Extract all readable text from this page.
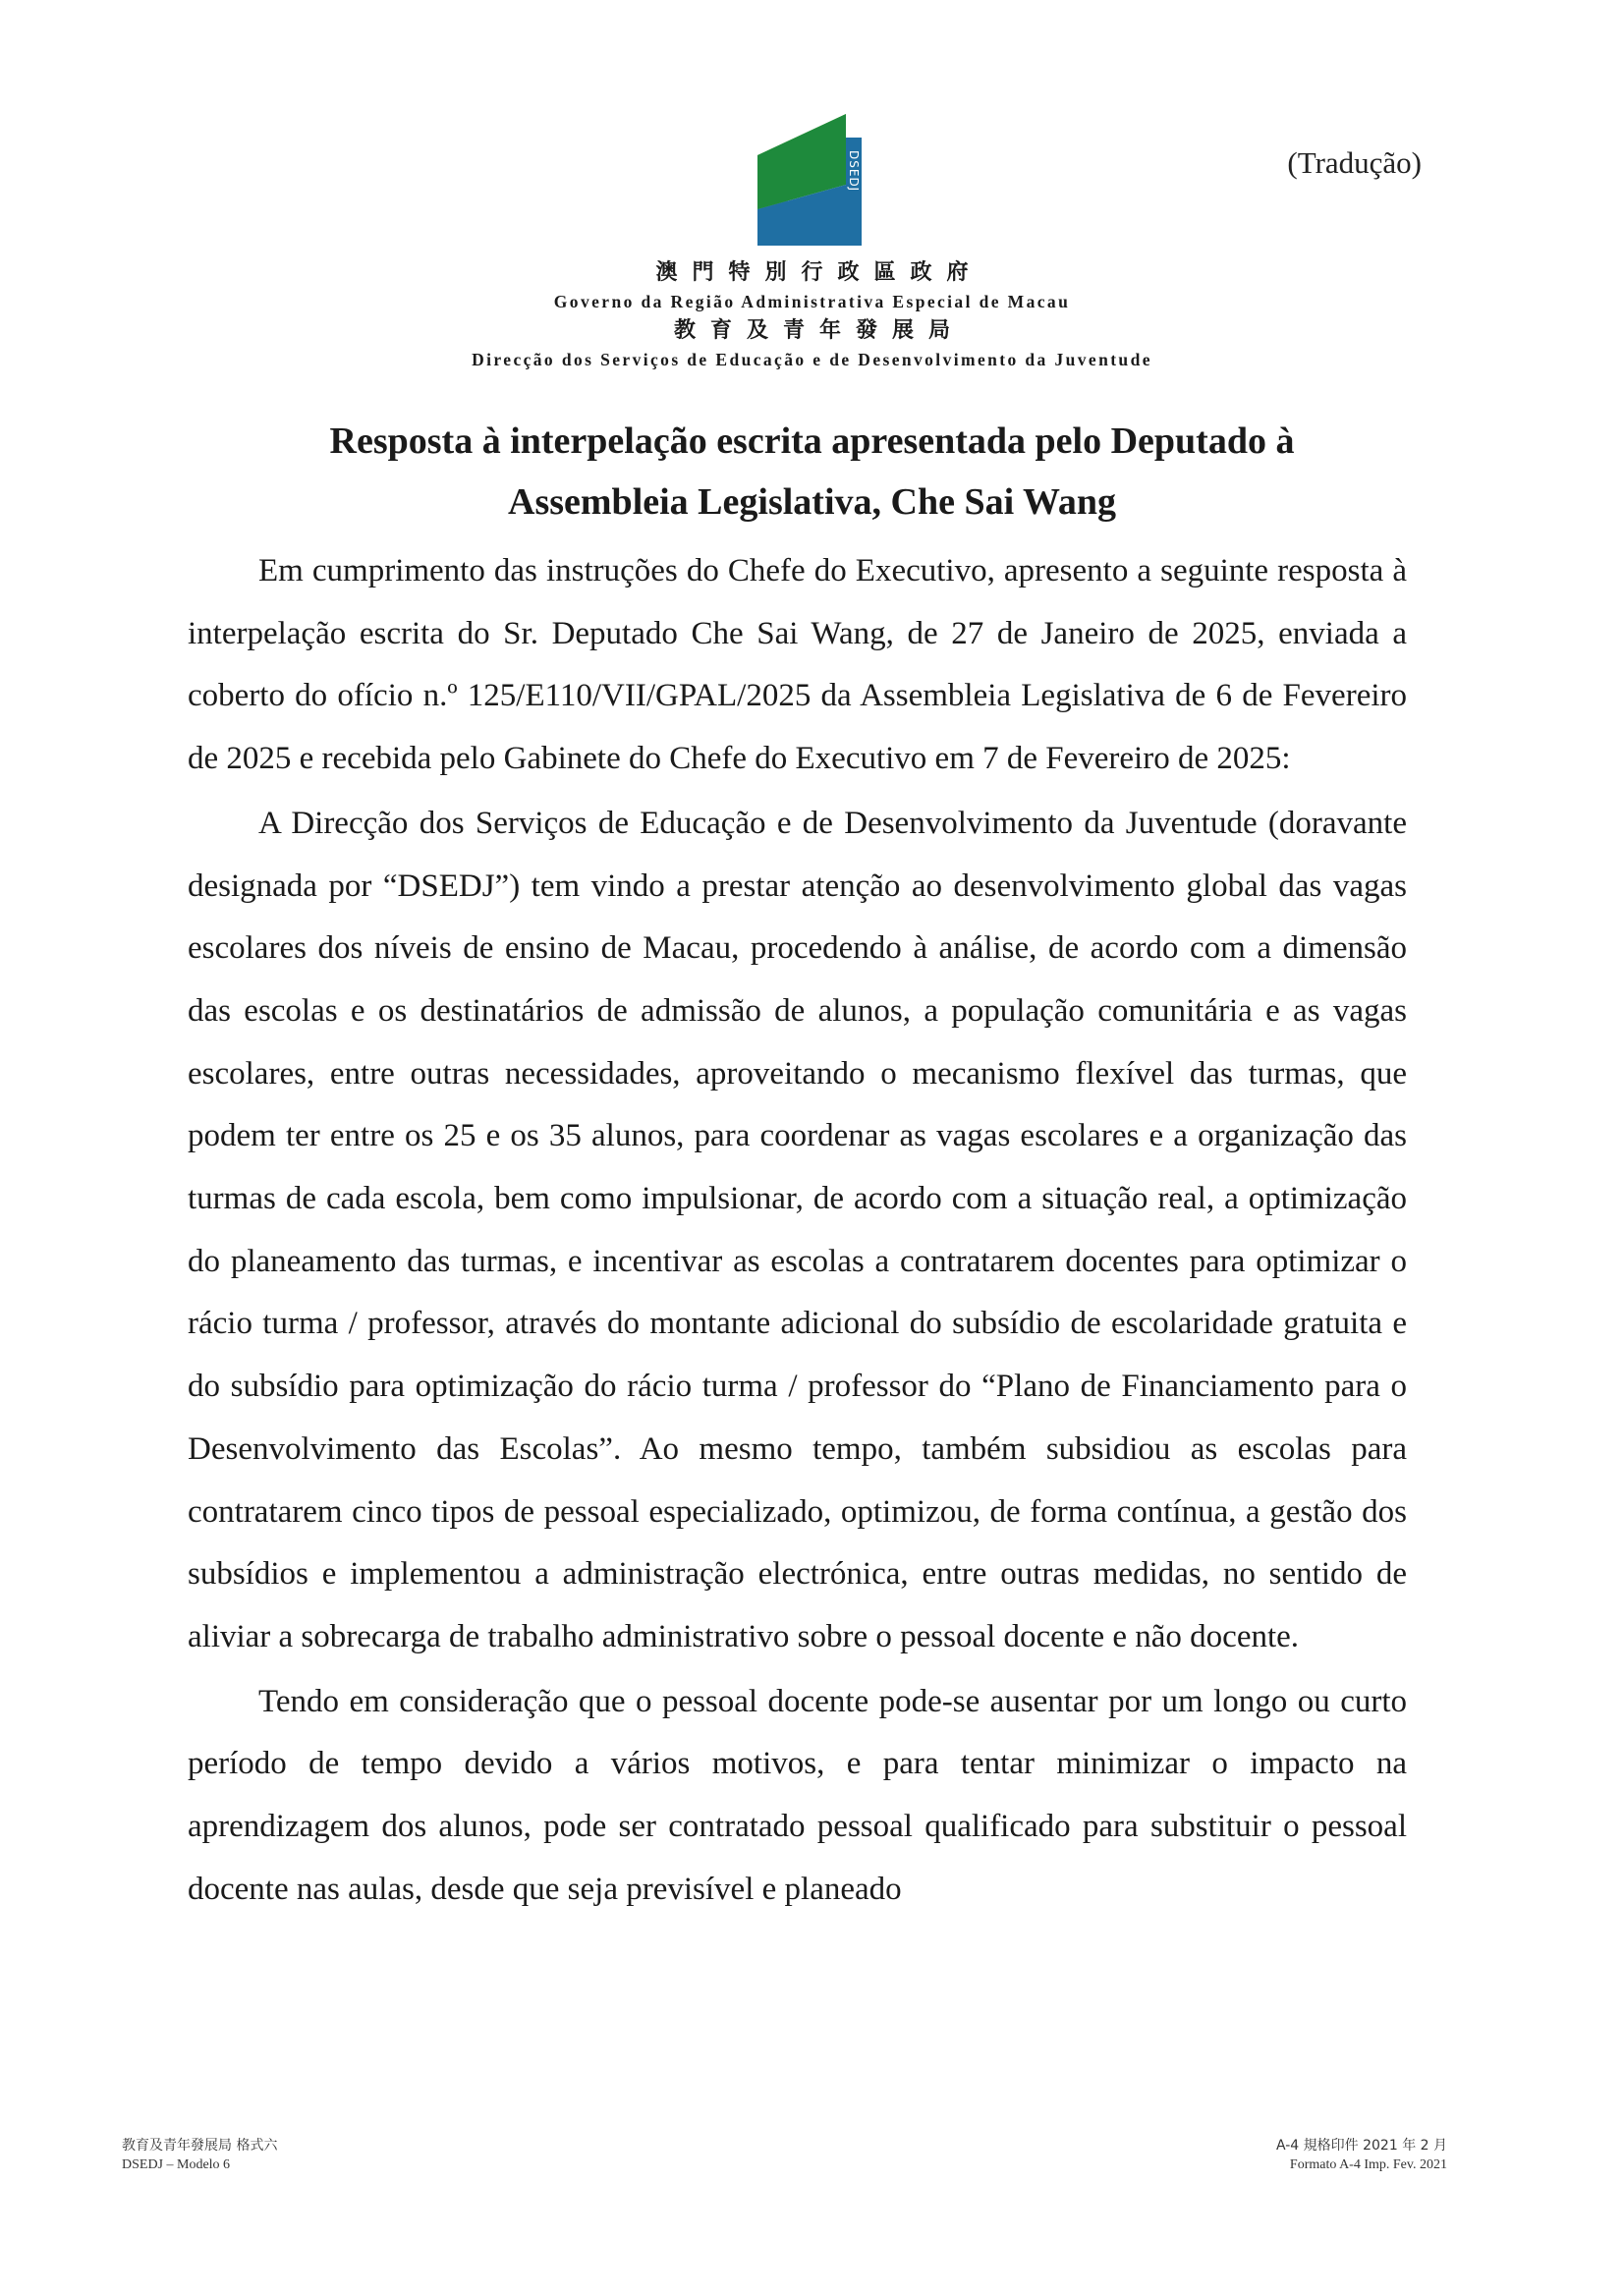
(Tradução)
DSEDJ
澳門特別行政區政府
Governo da Região Administrativa Especial de Macau
教育及青年發展局
Direcção dos Serviços de Educação e de Desenvolvimento da Juventude
Resposta à interpelação escrita apresentada pelo Deputado à
Assembleia Legislativa, Che Sai Wang

Em cumprimento das instruções do Chefe do Executivo, apresento a seguinte resposta à interpelação escrita do Sr. Deputado Che Sai Wang, de 27 de Janeiro de 2025, enviada a coberto do ofício n.º 125/E110/VII/GPAL/2025 da Assembleia Legislativa de 6 de Fevereiro de 2025 e recebida pelo Gabinete do Chefe do Executivo em 7 de Fevereiro de 2025:

A Direcção dos Serviços de Educação e de Desenvolvimento da Juventude (doravante designada por “DSEDJ”) tem vindo a prestar atenção ao desenvolvimento global das vagas escolares dos níveis de ensino de Macau, procedendo à análise, de acordo com a dimensão das escolas e os destinatários de admissão de alunos, a população comunitária e as vagas escolares, entre outras necessidades, aproveitando o mecanismo flexível das turmas, que podem ter entre os 25 e os 35 alunos, para coordenar as vagas escolares e a organização das turmas de cada escola, bem como impulsionar, de acordo com a situação real, a optimização do planeamento das turmas, e incentivar as escolas a contratarem docentes para optimizar o rácio turma / professor, através do montante adicional do subsídio de escolaridade gratuita e do subsídio para optimização do rácio turma / professor do “Plano de Financiamento para o Desenvolvimento das Escolas”. Ao mesmo tempo, também subsidiou as escolas para contratarem cinco tipos de pessoal especializado, optimizou, de forma contínua, a gestão dos subsídios e implementou a administração electrónica, entre outras medidas, no sentido de aliviar a sobrecarga de trabalho administrativo sobre o pessoal docente e não docente.

Tendo em consideração que o pessoal docente pode-se ausentar por um longo ou curto período de tempo devido a vários motivos, e para tentar minimizar o impacto na aprendizagem dos alunos, pode ser contratado pessoal qualificado para substituir o pessoal docente nas aulas, desde que seja previsível e planeado

教育及青年發展局 格式六
DSEDJ – Modelo 6
A-4 規格印件 2021 年 2 月
Formato A-4 Imp. Fev. 2021
